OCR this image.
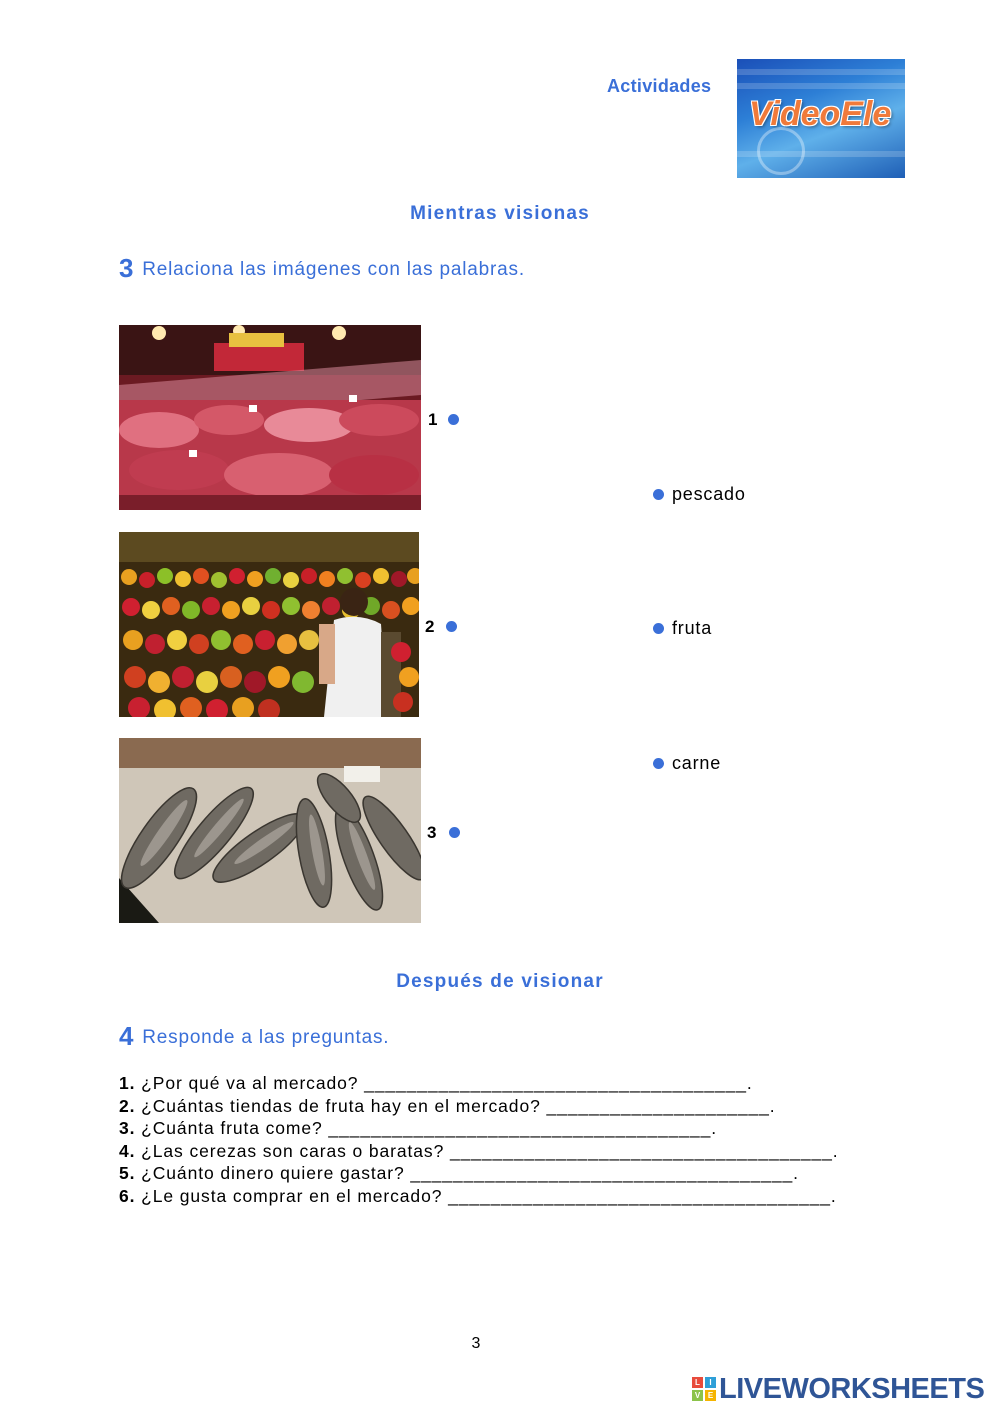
Actividades
VideoEle
Mientras visionas
3 Relaciona las imágenes con las palabras.
1
2
3
pescado
fruta
carne
Después de visionar
4 Responde a las preguntas.
1. ¿Por qué va al mercado? ____________________________________.
2. ¿Cuántas tiendas de fruta hay en el mercado? _____________________.
3. ¿Cuánta fruta come? ____________________________________.
4. ¿Las cerezas son caras o baratas? ____________________________________.
5. ¿Cuánto dinero quiere gastar? ____________________________________.
6. ¿Le gusta comprar en el mercado? ____________________________________.
3
L	I
V E LIVEWORKSHEETS
